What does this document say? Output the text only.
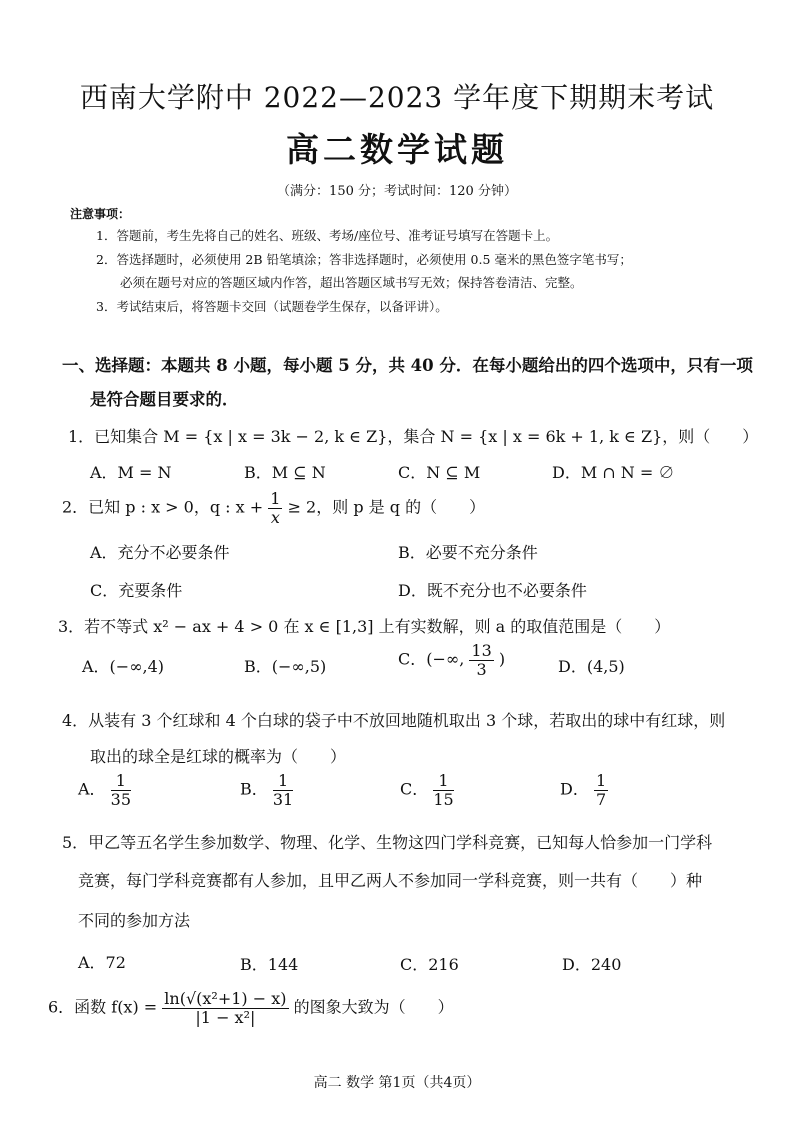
西南大学附中 2022—2023 学年度下期期末考试
高二数学试题
（满分：150 分；考试时间：120 分钟）
注意事项：
1．答题前，考生先将自己的姓名、班级、考场/座位号、准考证号填写在答题卡上。
2．答选择题时，必须使用 2B 铅笔填涂；答非选择题时，必须使用 0.5 毫米的黑色签字笔书写；
必须在题号对应的答题区域内作答，超出答题区域书写无效；保持答卷清洁、完整。
3．考试结束后，将答题卡交回（试题卷学生保存，以备评讲）。
一、选择题：本题共 8 小题，每小题 5 分，共 40 分．在每小题给出的四个选项中，只有一项
是符合题目要求的．
1．已知集合 M = {x | x = 3k − 2, k ∈ Z}，集合 N = {x | x = 6k + 1, k ∈ Z}，则（　　）
A．M = N	B．M ⊆ N	C．N ⊆ M	D．M ∩ N = ∅
2．已知 p : x > 0，q : $x + \frac{1}{x} \ge 2$，则 p 是 q 的（　　）
A．充分不必要条件	B．必要不充分条件
C．充要条件	D．既不充分也不必要条件
3．若不等式 x² − ax + 4 > 0 在 x ∈ [1,3] 上有实数解，则 a 的取值范围是（　　）
A．(−∞,4)	B．(−∞,5)	C．(−∞, $\frac{13}{3}$ )	D．(4,5)
4．从装有 3 个红球和 4 个白球的袋子中不放回地随机取出 3 个球，若取出的球中有红球，则
取出的球全是红球的概率为（　　）
A． $\frac{1}{35}$	B． $\frac{1}{31}$	C． $\frac{1}{15}$	D． $\frac{1}{7}$
5．甲乙等五名学生参加数学、物理、化学、生物这四门学科竞赛，已知每人恰参加一门学科
竞赛，每门学科竞赛都有人参加，且甲乙两人不参加同一学科竞赛，则一共有（　　）种
不同的参加方法
A．72	B．144	C．216	D．240
6．函数 $f(x) = \frac{\text{ln(√(x²+1) − x)}}{\text{|1 − x²|}}$ 的图象大致为（　　）
高二 数学 第1页（共4页）
